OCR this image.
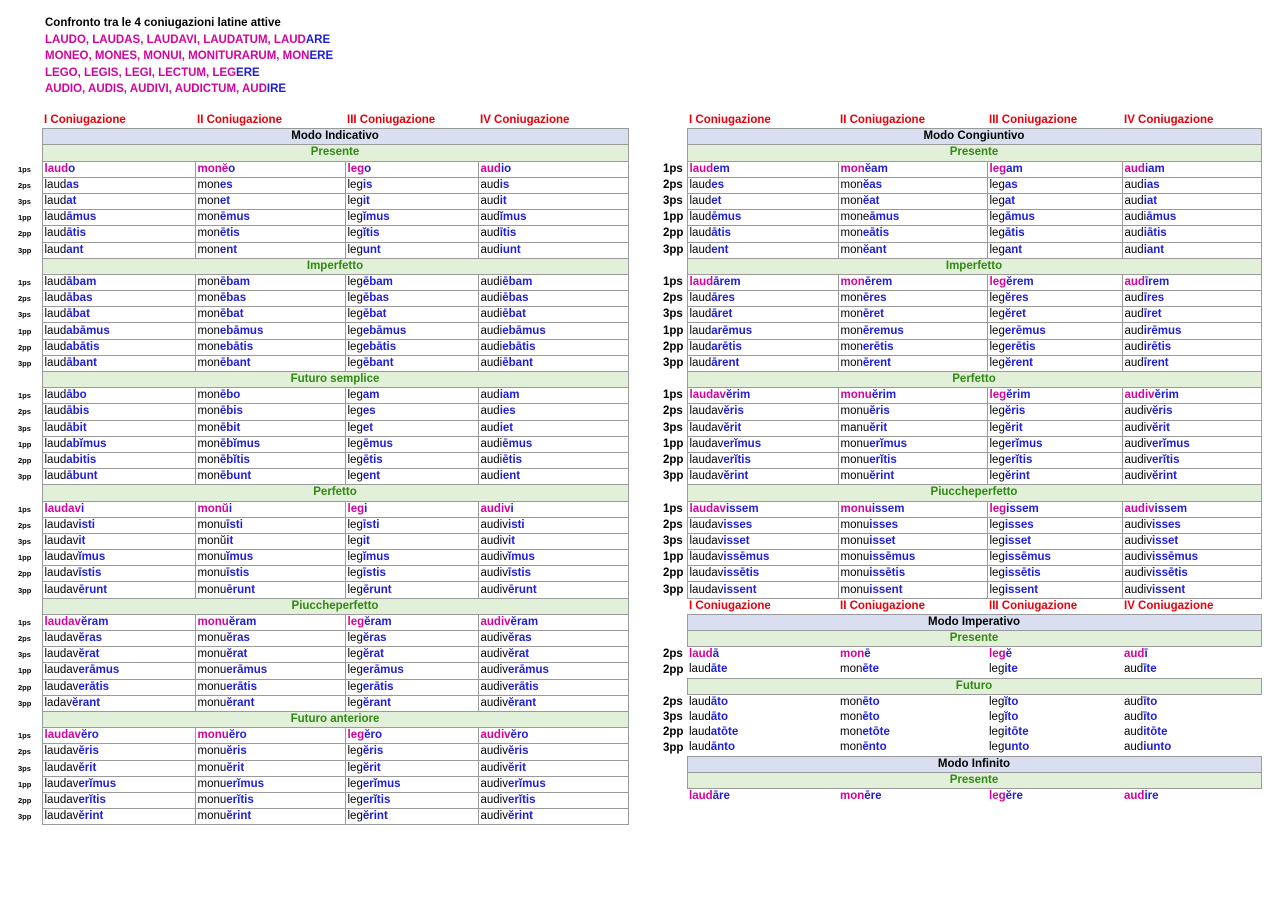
Confronto tra le 4 coniugazioni latine attive
LAUDO, LAUDAS, LAUDAVI, LAUDATUM, LAUDARE
MONEO, MONES, MONUI, MONITURARUM, MONERE
LEGO, LEGIS, LEGI, LECTUM, LEGERE
AUDIO, AUDIS, AUDIVI, AUDICTUM, AUDIRE
	I Coniugazione	II Coniugazione	III Coniugazione	IV Coniugazione
	Modo Indicativo			
	Presente			
1ps	laudo	monĕo	lego	audio
2ps	laudas	mones	legis	audis
3ps	laudat	monet	legit	audit
1pp	laudāmus	monēmus	legĭmus	audĭmus
2pp	laudātis	monētis	legĭtis	audītis
3pp	laudant	monent	legunt	audiunt
	Imperfetto			
1ps	laudābam	monēbam	legēbam	audiēbam
2ps	laudābas	monēbas	legēbas	audiēbas
3ps	laudābat	monēbat	legēbat	audiēbat
1pp	laudabāmus	monebāmus	legebāmus	audiebāmus
2pp	laudabātis	monebātis	legebātis	audiebātis
3pp	laudābant	monēbant	legēbant	audiēbant
	Futuro semplice			
1ps	laudābo	monēbo	legam	audiam
2ps	laudābis	monēbis	leges	audies
3ps	laudābit	monēbit	leget	audiet
1pp	laudabĭmus	monēbĭmus	legēmus	audiēmus
2pp	laudabitis	monēbĭtis	legētis	audiētis
3pp	laudābunt	monēbunt	legent	audient
	Perfetto			
1ps	laudavi	monŭi	legi	audivi
2ps	laudavisti	monuīsti	legīsti	audivisti
3ps	laudavit	monŭit	legit	audivit
1pp	laudavĭmus	monuĭmus	legĭmus	audivĭmus
2pp	laudavīstis	monuīstis	legīstis	audivīstis
3pp	laudavērunt	monuērunt	legērunt	audivērunt
	Piuccheperfetto			
1ps	laudavĕram	monuĕram	legĕram	audivĕram
2ps	laudavĕras	monuĕras	legĕras	audivĕras
3ps	laudavĕrat	monuĕrat	legĕrat	audivĕrat
1pp	laudaverāmus	monuerāmus	legerāmus	audiverāmus
2pp	laudaverātis	monuerātis	legerātis	audiverātis
3pp	ladavĕrant	monuĕrant	legĕrant	audivĕrant
	Futuro anteriore			
1ps	laudavĕro	monuĕro	legĕro	audivĕro
2ps	laudavĕris	monuĕris	legĕris	audivĕris
3ps	laudavĕrit	monuĕrit	legĕrit	audivĕrit
1pp	laudaverĭmus	monuerĭmus	legerĭmus	audiverĭmus
2pp	laudaverĭtis	monuerĭtis	legerĭtis	audiverĭtis
3pp	laudavĕrint	monuĕrint	legĕrint	audivĕrint
	I Coniugazione	II Coniugazione	III Coniugazione	IV Coniugazione
	Modo Congiuntivo			
	Presente			
1ps	laudem	monĕam	legam	audiam
2ps	laudes	monĕas	legas	audias
3ps	laudet	monĕat	legat	audiat
1pp	laudēmus	moneāmus	legāmus	audiāmus
2pp	laudātis	moneātis	legātis	audiātis
3pp	laudent	monĕant	legant	audiant
	Imperfetto			
1ps	laudārem	monērem	legĕrem	audīrem
2ps	laudāres	monēres	legĕres	audīres
3ps	laudāret	monēret	legĕret	audīret
1pp	laudarēmus	monēremus	legerēmus	audirēmus
2pp	laudarētis	monerētis	legerētis	audirētis
3pp	laudārent	monērent	legĕrent	audīrent
	Perfetto			
1ps	laudavĕrim	monuĕrim	legĕrim	audivĕrim
2ps	laudavĕris	monuĕris	legĕris	audivĕris
3ps	laudavĕrit	manuĕrit	legĕrit	audivĕrit
1pp	laudaverĭmus	monuerĭmus	legerĭmus	audiverĭmus
2pp	laudaverĭtis	monuerĭtis	legerĭtis	audiverĭtis
3pp	laudavĕrint	monuĕrint	legĕrint	audivĕrint
	Piuccheperfetto			
1ps	laudavissem	monuissem	legissem	audivissem
2ps	laudavisses	monuisses	legisses	audivisses
3ps	laudavisset	monuisset	legisset	audivisset
1pp	laudavissēmus	monuissēmus	legissēmus	audivissēmus
2pp	laudavissētis	monuissētis	legissētis	audivissētis
3pp	laudavissent	monuissent	legissent	audivissent
	I Coniugazione	II Coniugazione	III Coniugazione	IV Coniugazione
	Modo Imperativo			
	Presente			
2ps	laudā	monē	legĕ	audī
2pp	laudāte	monēte	legite	audīte
	Futuro			
2ps	laudāto	monēto	legĭto	audīto
3ps	laudāto	monēto	legĭto	audīto
2pp	laudatōte	monetōte	legitōte	auditōte
3pp	laudānto	monēnto	legunto	audiunto
	Modo Infinito			
	Presente			
	laudāre	monēre	legĕre	audire
